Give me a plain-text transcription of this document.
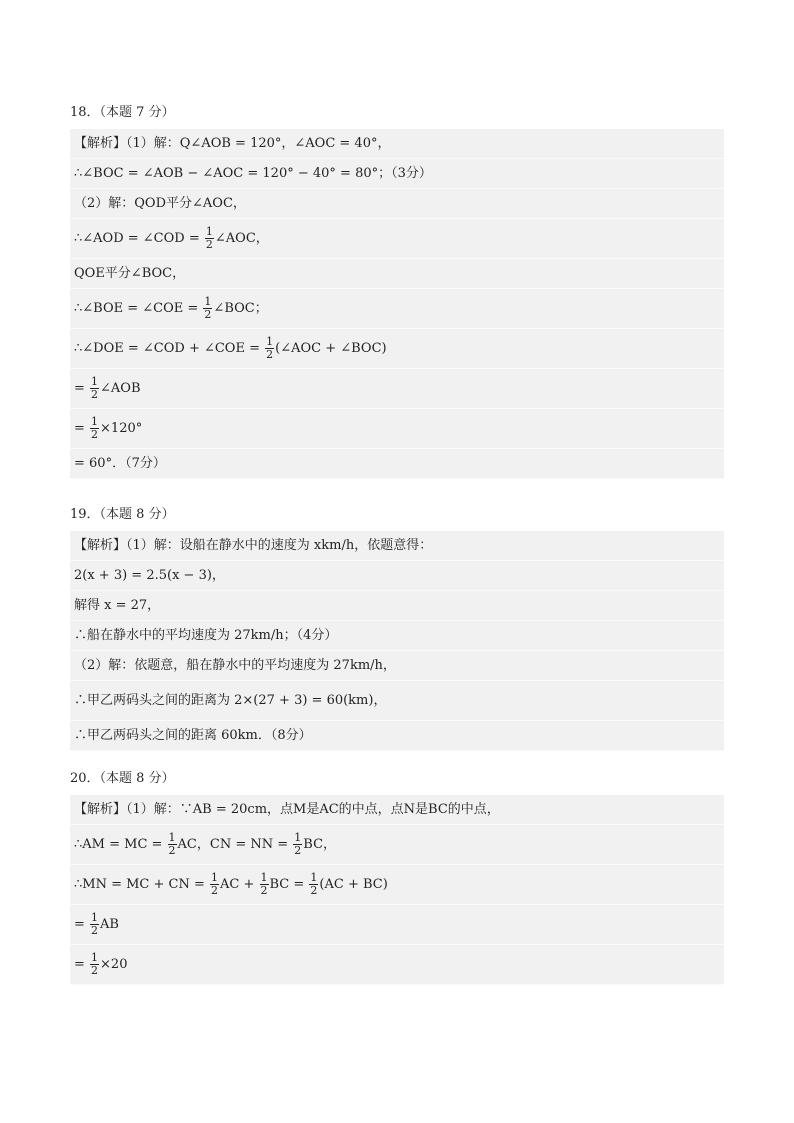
18．（本题 7 分）
【解析】（1）解：Q∠AOB = 120°，∠AOC = 40°，
∴∠BOC = ∠AOB − ∠AOC = 120° − 40° = 80°；（3分）
（2）解：QOD平分∠AOC，
∴∠AOD = ∠COD = $\frac{1}{2}$ ∠AOC，
QOE平分∠BOC，
∴∠BOE = ∠COE = $\frac{1}{2}$ ∠BOC；
∴∠DOE = ∠COD + ∠COE = $\frac{1}{2}$ (∠AOC + ∠BOC)
= $\frac{1}{2}$ ∠AOB
= $\frac{1}{2} \times 120^\circ$
= 60°．（7分）
19．（本题 8 分）
【解析】（1）解：设船在静水中的速度为 xkm/h，依题意得：
2(x + 3) = 2.5(x − 3)，
解得 x = 27，
∴船在静水中的平均速度为 27km/h；（4分）
（2）解：依题意，船在静水中的平均速度为 27km/h，
∴甲乙两码头之间的距离为 2×(27 + 3) = 60(km)，
∴甲乙两码头之间的距离 60km．（8分）
20．（本题 8 分）
【解析】（1）解：∵AB = 20cm，点M是AC的中点，点N是BC的中点，
∴AM = MC = $\frac{1}{2}$ AC，CN = NN = $\frac{1}{2}$ BC，
∴MN = MC + CN = $\frac{1}{2}$ AC + $\frac{1}{2}$ BC = $\frac{1}{2} (AC + BC)$
= $\frac{1}{2}$ AB
= $\frac{1}{2} \times 20$
